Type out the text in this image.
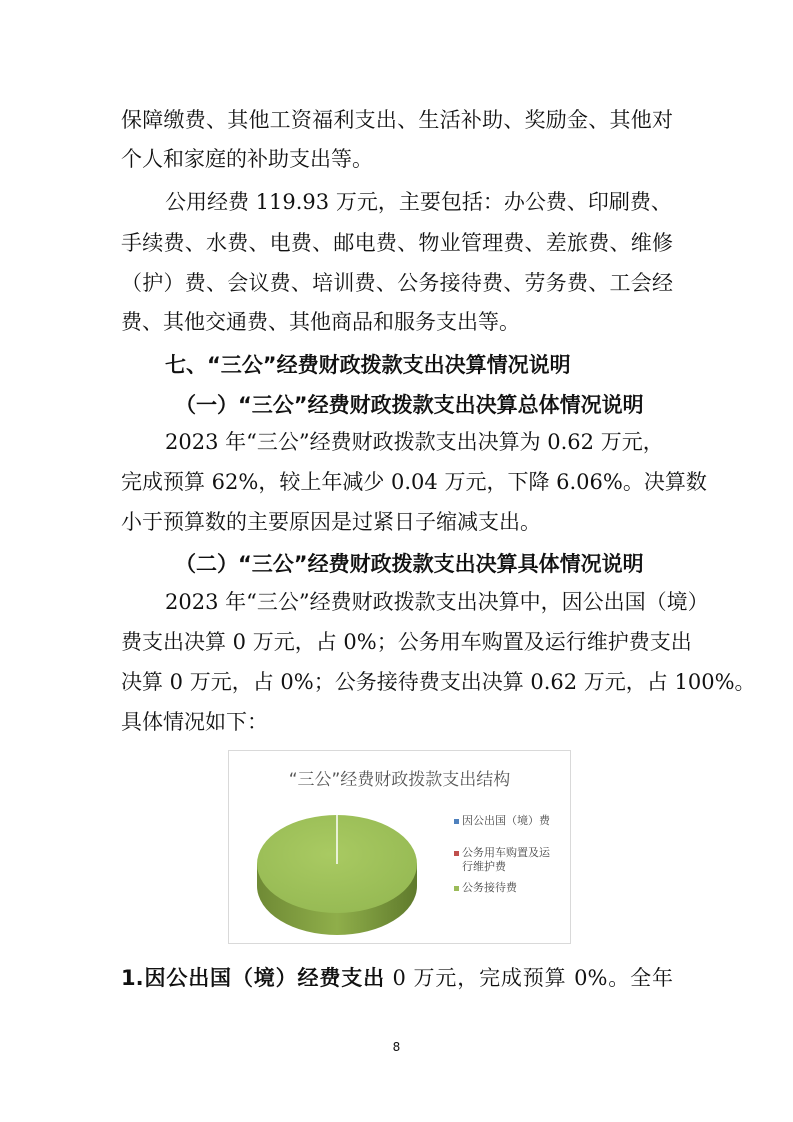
保障缴费、其他工资福利支出、生活补助、奖励金、其他对
个人和家庭的补助支出等。
公用经费 119.93 万元，主要包括：办公费、印刷费、
手续费、水费、电费、邮电费、物业管理费、差旅费、维修
（护）费、会议费、培训费、公务接待费、劳务费、工会经
费、其他交通费、其他商品和服务支出等。
七、“三公”经费财政拨款支出决算情况说明
（一）“三公”经费财政拨款支出决算总体情况说明
2023 年“三公”经费财政拨款支出决算为 0.62 万元，
完成预算 62%，较上年减少 0.04 万元，下降 6.06%。决算数
小于预算数的主要原因是过紧日子缩减支出。
（二）“三公”经费财政拨款支出决算具体情况说明
2023 年“三公”经费财政拨款支出决算中，因公出国（境）
费支出决算 0 万元，占 0%；公务用车购置及运行维护费支出
决算 0 万元，占 0%；公务接待费支出决算 0.62 万元，占 100%。
具体情况如下：
“三公”经费财政拨款支出结构
因公出国（境）费
公务用车购置及运
行维护费
公务接待费
1.因公出国（境）经费支出 0 万元，完成预算 0%。全年
8
